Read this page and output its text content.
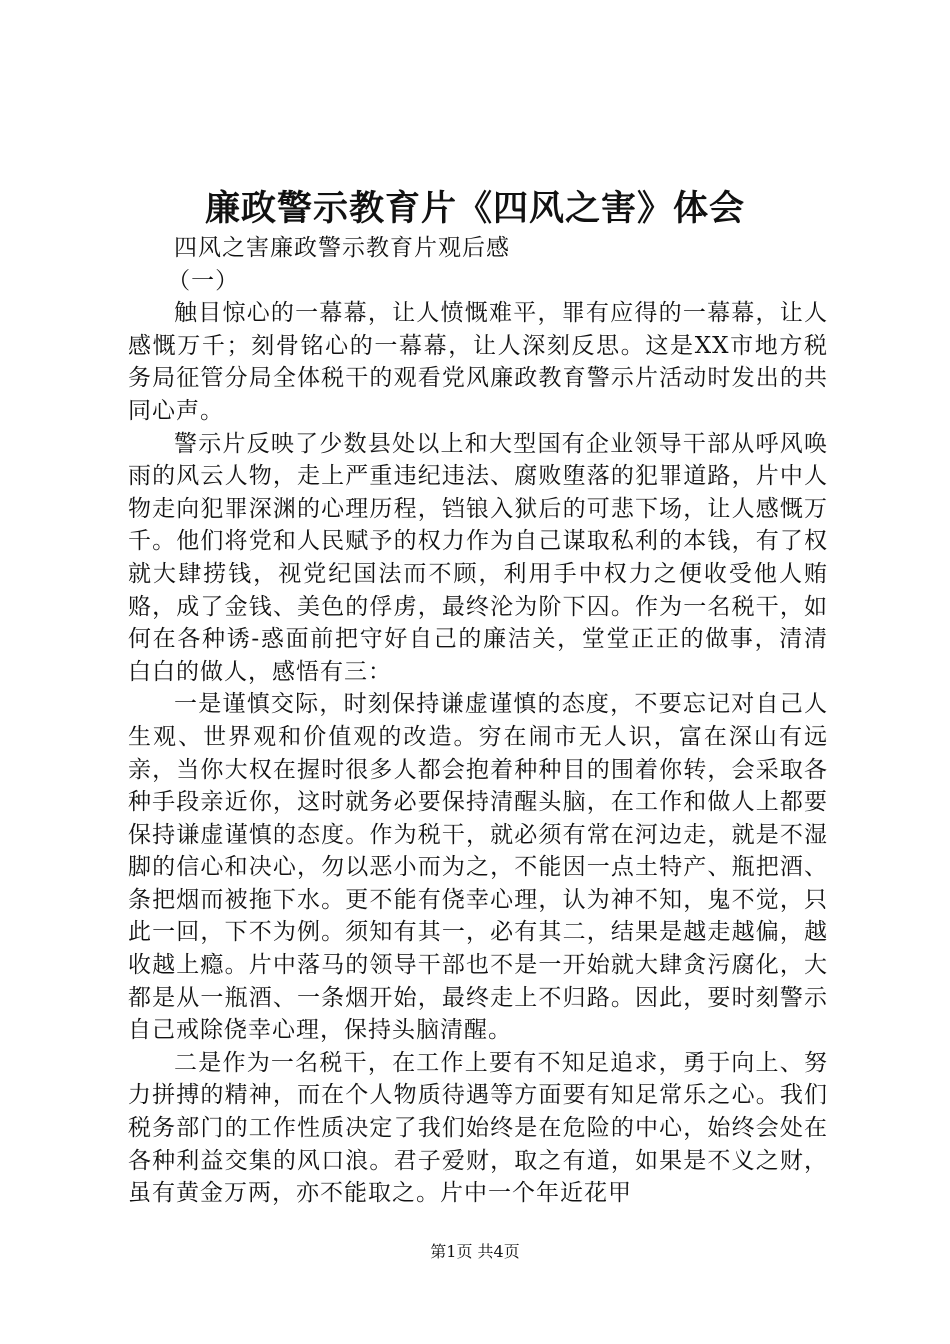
廉政警示教育片《四风之害》体会

四风之害廉政警示教育片观后感

（一）

触目惊心的一幕幕，让人愤慨难平，罪有应得的一幕幕，让人感慨万千；刻骨铭心的一幕幕，让人深刻反思。这是XX市地方税务局征管分局全体税干的观看党风廉政教育警示片活动时发出的共同心声。

警示片反映了少数县处以上和大型国有企业领导干部从呼风唤雨的风云人物，走上严重违纪违法、腐败堕落的犯罪道路，片中人物走向犯罪深渊的心理历程，铛锒入狱后的可悲下场，让人感慨万千。他们将党和人民赋予的权力作为自己谋取私利的本钱，有了权就大肆捞钱，视党纪国法而不顾，利用手中权力之便收受他人贿赂，成了金钱、美色的俘虏，最终沦为阶下囚。作为一名税干，如何在各种诱-惑面前把守好自己的廉洁关，堂堂正正的做事，清清白白的做人，感悟有三：

一是谨慎交际，时刻保持谦虚谨慎的态度，不要忘记对自己人生观、世界观和价值观的改造。穷在闹市无人识，富在深山有远亲，当你大权在握时很多人都会抱着种种目的围着你转，会采取各种手段亲近你，这时就务必要保持清醒头脑，在工作和做人上都要保持谦虚谨慎的态度。作为税干，就必须有常在河边走，就是不湿脚的信心和决心，勿以恶小而为之，不能因一点土特产、瓶把酒、条把烟而被拖下水。更不能有侥幸心理，认为神不知，鬼不觉，只此一回，下不为例。须知有其一，必有其二，结果是越走越偏，越收越上瘾。片中落马的领导干部也不是一开始就大肆贪污腐化，大都是从一瓶酒、一条烟开始，最终走上不归路。因此，要时刻警示自己戒除侥幸心理，保持头脑清醒。

二是作为一名税干，在工作上要有不知足追求，勇于向上、努力拼搏的精神，而在个人物质待遇等方面要有知足常乐之心。我们税务部门的工作性质决定了我们始终是在危险的中心，始终会处在各种利益交集的风口浪。君子爱财，取之有道，如果是不义之财，虽有黄金万两，亦不能取之。片中一个年近花甲

第1页 共4页
